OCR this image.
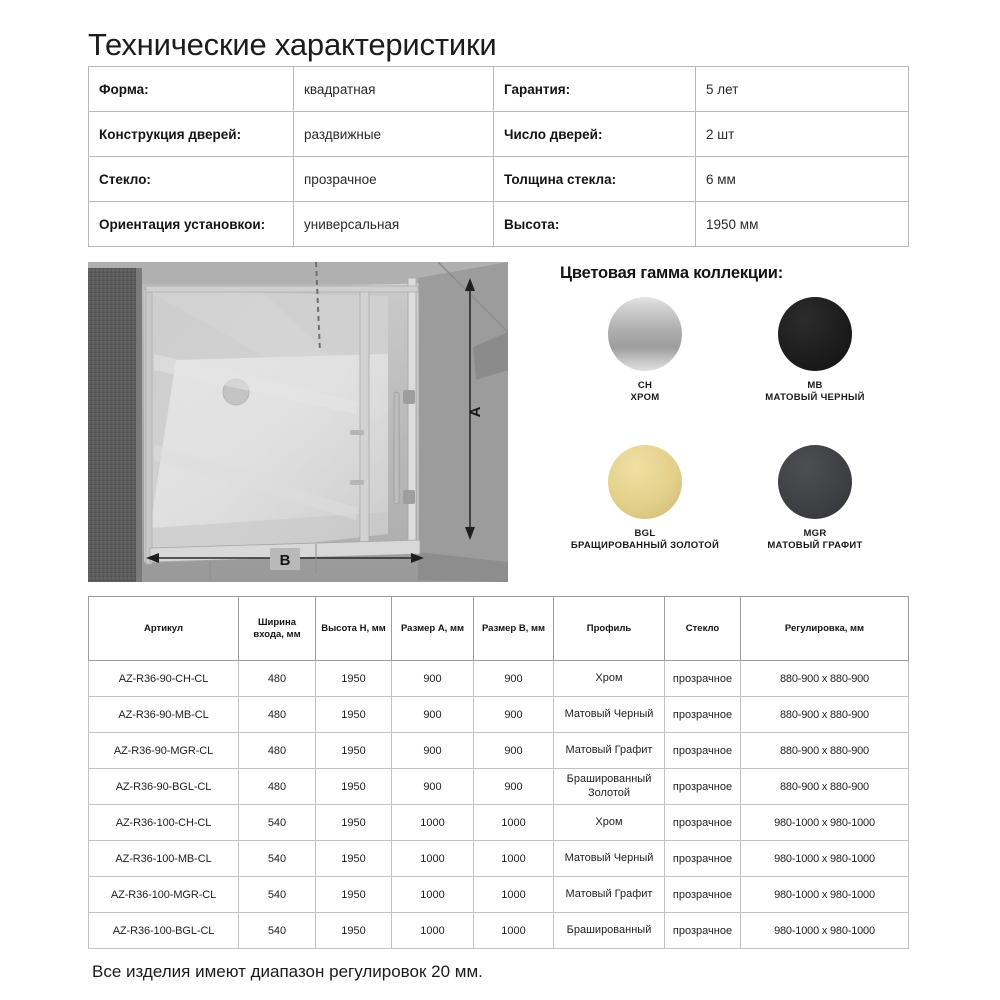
Технические характеристики
Форма:	квадратная	Гарантия:	5 лет
Конструкция дверей:	раздвижные	Число дверей:	2 шт
Стекло:	прозрачное	Толщина стекла:	6 мм
Ориентация установкои:	универсальная	Высота:	1950 мм
A
B
Цветовая гамма коллекции:
CH
ХРОМ
MB
МАТОВЫЙ ЧЕРНЫЙ
BGL
БРАЩИРОВАННЫЙ ЗОЛОТОЙ
MGR
МАТОВЫЙ ГРАФИТ
Артикул	Ширина входа, мм	Высота H, мм	Размер A, мм	Размер B, мм	Профиль	Стекло	Регулировка, мм
AZ-R36-90-CH-CL	480	1950	900	900	Хром	прозрачное	880-900 x 880-900
AZ-R36-90-MB-CL	480	1950	900	900	Матовый Черный	прозрачное	880-900 x 880-900
AZ-R36-90-MGR-CL	480	1950	900	900	Матовый Графит	прозрачное	880-900 x 880-900
AZ-R36-90-BGL-CL	480	1950	900	900	Брашированный Золотой	прозрачное	880-900 x 880-900
AZ-R36-100-CH-CL	540	1950	1000	1000	Хром	прозрачное	980-1000 x 980-1000
AZ-R36-100-MB-CL	540	1950	1000	1000	Матовый Черный	прозрачное	980-1000 x 980-1000
AZ-R36-100-MGR-CL	540	1950	1000	1000	Матовый Графит	прозрачное	980-1000 x 980-1000
AZ-R36-100-BGL-CL	540	1950	1000	1000	Брашированный	прозрачное	980-1000 x 980-1000
Все изделия имеют диапазон регулировок 20 мм.
